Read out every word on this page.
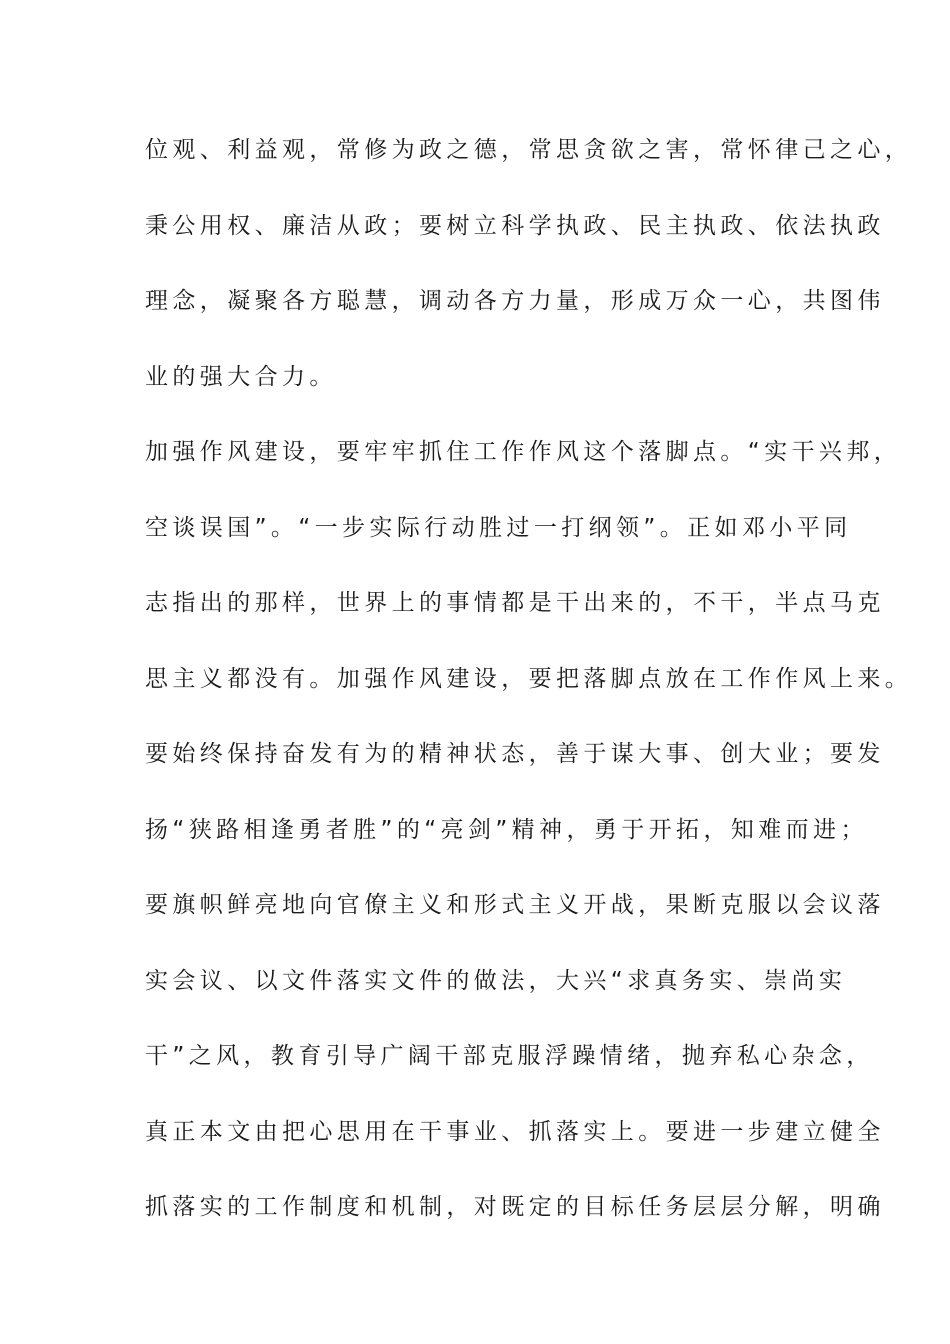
位观、利益观，常修为政之德，常思贪欲之害，常怀律己之心，
秉公用权、廉洁从政；要树立科学执政、民主执政、依法执政
理念，凝聚各方聪慧，调动各方力量，形成万众一心，共图伟
业的强大合力。
加强作风建设，要牢牢抓住工作作风这个落脚点。“实干兴邦，
空谈误国”。“一步实际行动胜过一打纲领”。正如邓小平同
志指出的那样，世界上的事情都是干出来的，不干，半点马克
思主义都没有。加强作风建设，要把落脚点放在工作作风上来。
要始终保持奋发有为的精神状态，善于谋大事、创大业；要发
扬“狭路相逢勇者胜”的“亮剑”精神，勇于开拓，知难而进；
要旗帜鲜亮地向官僚主义和形式主义开战，果断克服以会议落
实会议、以文件落实文件的做法，大兴“求真务实、崇尚实
干”之风，教育引导广阔干部克服浮躁情绪，抛弃私心杂念，
真正本文由把心思用在干事业、抓落实上。要进一步建立健全
抓落实的工作制度和机制，对既定的目标任务层层分解，明确
